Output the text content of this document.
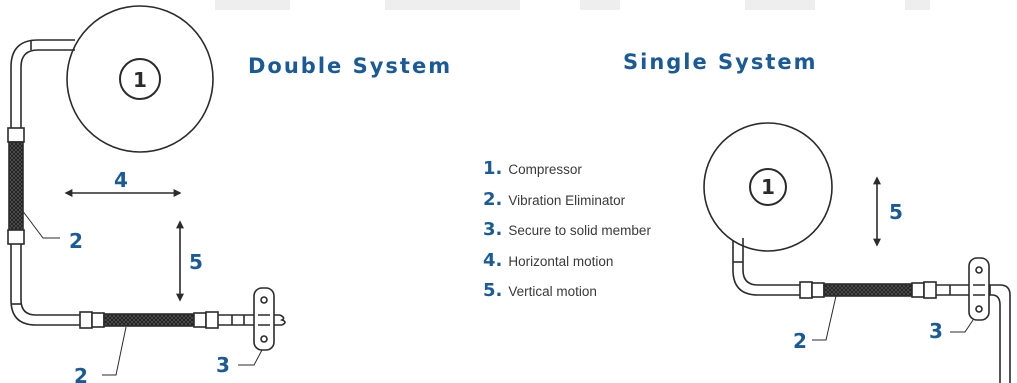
1
4
5
2
2	3
1
5
2	3
Double System	Single System
1. Compressor
2. Vibration Eliminator
3. Secure to solid member
4. Horizontal motion
5. Vertical motion
